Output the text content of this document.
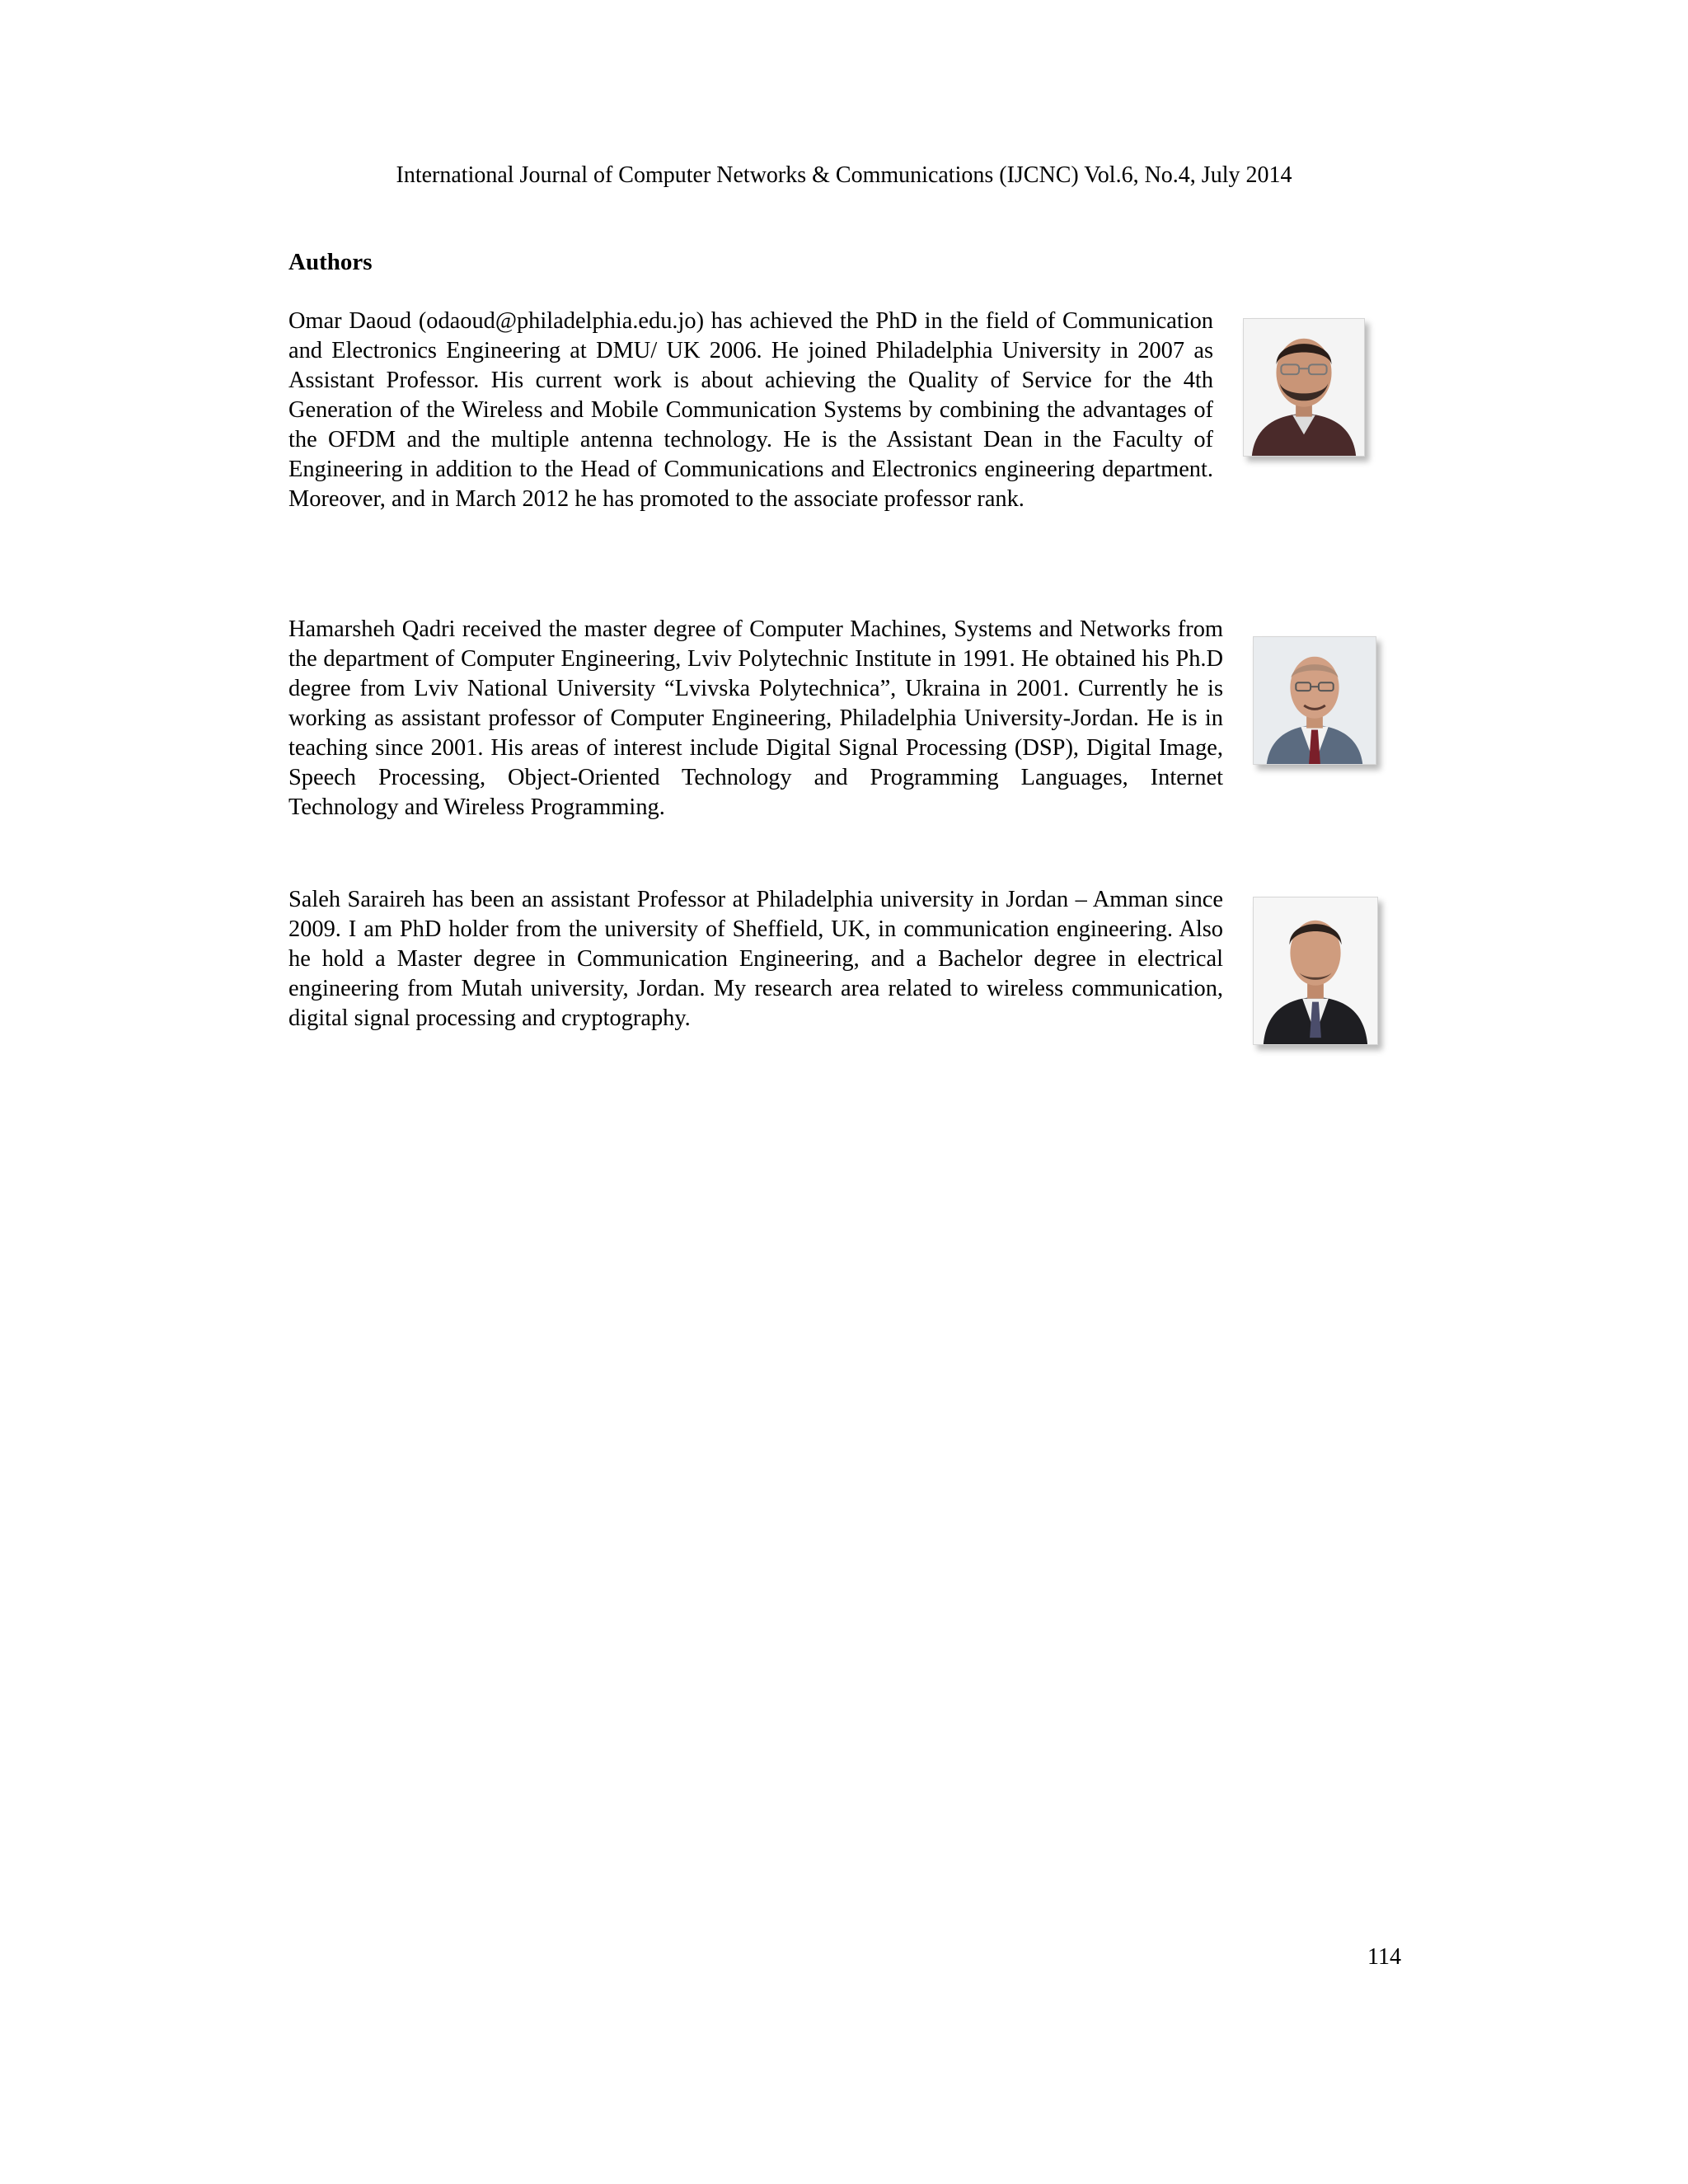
International Journal of Computer Networks & Communications (IJCNC) Vol.6, No.4, July 2014
Authors
Omar Daoud (odaoud@philadelphia.edu.jo) has achieved the PhD in the field of Communication and Electronics Engineering at DMU/ UK 2006. He joined Philadelphia University in 2007 as Assistant Professor. His current work is about achieving the Quality of Service for the 4th Generation of the Wireless and Mobile Communication Systems by combining the advantages of the OFDM and the multiple antenna technology. He is the Assistant Dean in the Faculty of Engineering in addition to the Head of Communications and Electronics engineering department. Moreover, and in March 2012 he has promoted to the associate professor rank.
Hamarsheh Qadri received the master degree of Computer Machines, Systems and Networks from the department of Computer Engineering, Lviv Polytechnic Institute in 1991. He obtained his Ph.D degree from Lviv National University “Lvivska Polytechnica”, Ukraina in 2001. Currently he is working as assistant professor of Computer Engineering, Philadelphia University-Jordan. He is in teaching since 2001. His areas of interest include Digital Signal Processing (DSP), Digital Image, Speech Processing, Object-Oriented Technology and Programming Languages, Internet Technology and Wireless Programming.
Saleh Saraireh has been an assistant Professor at Philadelphia university in Jordan – Amman since 2009. I am PhD holder from the university of Sheffield, UK, in communication engineering. Also he hold a Master degree in Communication Engineering, and a Bachelor degree in electrical engineering from Mutah university, Jordan. My research area related to wireless communication, digital signal processing and cryptography.
114
